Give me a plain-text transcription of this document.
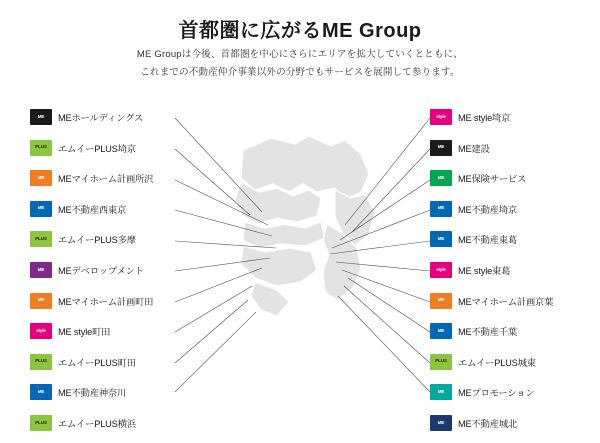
首都圏に広がるME Group
ME Groupは今後、首都圏を中心にさらにエリアを拡大していくとともに、
これまでの不動産仲介事業以外の分野でもサービスを展開して参ります。
ME	MEホールディングス
PLUS	エムイーPLUS埼京
ME	MEマイホーム計画所沢
ME	ME不動産西東京
PLUS	エムイーPLUS多摩
ME	MEデベロップメント
ME	MEマイホーム計画町田
style	ME style町田
PLUS	エムイーPLUS町田
ME	ME不動産神奈川
PLUS	エムイーPLUS横浜
style	ME style埼京
ME	ME建設
ME	ME保険サービス
ME	ME不動産埼京
ME	ME不動産東葛
style	ME style東葛
ME	MEマイホーム計画京葉
ME	ME不動産千葉
PLUS	エムイーPLUS城東
ME	MEプロモーション
ME	ME不動産城北
